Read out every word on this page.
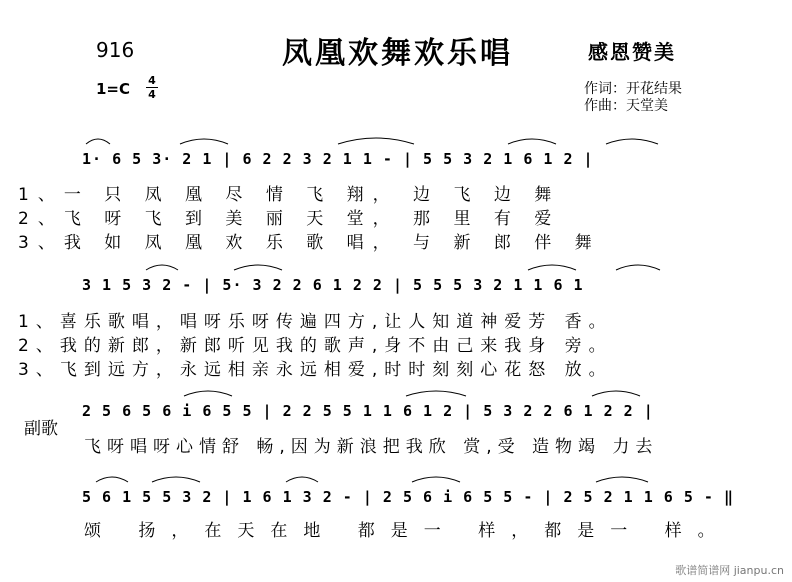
916	凤凰欢舞欢乐唱	感恩赞美
1=C 4
4	作词：开花结果
作曲：天堂美
1· 6 5 3· 2 1 | 6 2 2 3 2 1 1 - | 5 5 3 2 1 6 1 2 |
1、一 只 凤 凰 尽 情 飞 翔， 边 飞 边 舞
2、飞 呀 飞 到 美 丽 天 堂， 那 里 有 爱
3、我 如 凤 凰 欢 乐 歌 唱， 与 新 郎 伴 舞
3 1 5 3 2 - | 5· 3 2 2 6 1 2 2 | 5 5 5 3 2 1 1 6 1
1、喜乐歌唱，唱呀乐呀传遍四方,让人知道神爱芳 香。
2、我的新郎，新郎听见我的歌声,身不由己来我身 旁。
3、飞到远方，永远相亲永远相爱,时时刻刻心花怒 放。
副歌
2 5 6 5 6 i 6 5 5 | 2 2 5 5 1 1 6 1 2 | 5 3 2 2 6 1 2 2 |
飞呀唱呀心情舒 畅,因为新浪把我欣 赏,受 造物竭 力去
5 6 1 5 5 3 2 | 1 6 1 3 2 - | 2 5 6 i 6 5 5 - | 2 5 2 1 1 6 5 - ‖
颂 扬，在天在地 都是一 样，都是一 样。
歌谱简谱网 jianpu.cn
